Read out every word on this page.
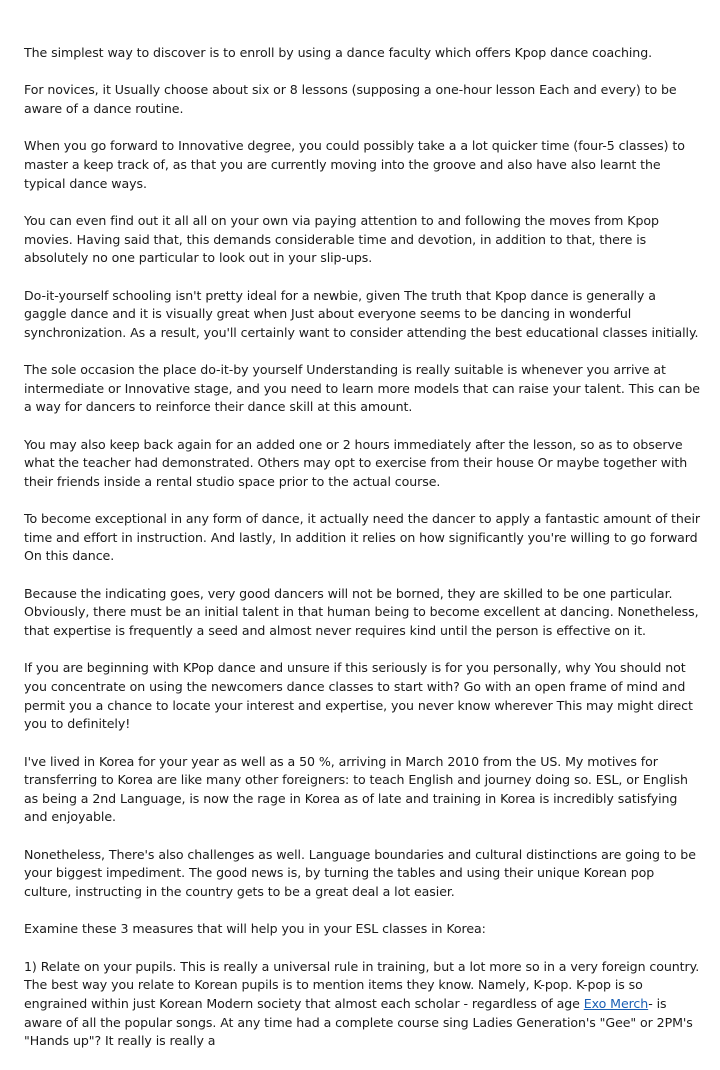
The simplest way to discover is to enroll by using a dance faculty which offers Kpop dance coaching.

For novices, it Usually choose about six or 8 lessons (supposing a one-hour lesson Each and every) to be aware of a dance routine.

When you go forward to Innovative degree, you could possibly take a a lot quicker time (four-5 classes) to master a keep track of, as that you are currently moving into the groove and also have also learnt the typical dance ways.

You can even find out it all all on your own via paying attention to and following the moves from Kpop movies. Having said that, this demands considerable time and devotion, in addition to that, there is absolutely no one particular to look out in your slip-ups.

Do-it-yourself schooling isn't pretty ideal for a newbie, given The truth that Kpop dance is generally a gaggle dance and it is visually great when Just about everyone seems to be dancing in wonderful synchronization. As a result, you'll certainly want to consider attending the best educational classes initially.

The sole occasion the place do-it-by yourself Understanding is really suitable is whenever you arrive at intermediate or Innovative stage, and you need to learn more models that can raise your talent. This can be a way for dancers to reinforce their dance skill at this amount.

You may also keep back again for an added one or 2 hours immediately after the lesson, so as to observe what the teacher had demonstrated. Others may opt to exercise from their house Or maybe together with their friends inside a rental studio space prior to the actual course.

To become exceptional in any form of dance, it actually need the dancer to apply a fantastic amount of their time and effort in instruction. And lastly, In addition it relies on how significantly you're willing to go forward On this dance.

Because the indicating goes, very good dancers will not be borned, they are skilled to be one particular. Obviously, there must be an initial talent in that human being to become excellent at dancing. Nonetheless, that expertise is frequently a seed and almost never requires kind until the person is effective on it.

If you are beginning with KPop dance and unsure if this seriously is for you personally, why You should not you concentrate on using the newcomers dance classes to start with? Go with an open frame of mind and permit you a chance to locate your interest and expertise, you never know wherever This may might direct you to definitely!

I've lived in Korea for your year as well as a 50 %, arriving in March 2010 from the US. My motives for transferring to Korea are like many other foreigners: to teach English and journey doing so. ESL, or English as being a 2nd Language, is now the rage in Korea as of late and training in Korea is incredibly satisfying and enjoyable.

Nonetheless, There's also challenges as well. Language boundaries and cultural distinctions are going to be your biggest impediment. The good news is, by turning the tables and using their unique Korean pop culture, instructing in the country gets to be a great deal a lot easier.

Examine these 3 measures that will help you in your ESL classes in Korea:

1) Relate on your pupils. This is really a universal rule in training, but a lot more so in a very foreign country. The best way you relate to Korean pupils is to mention items they know. Namely, K-pop. K-pop is so engrained within just Korean Modern society that almost each scholar - regardless of age Exo Merch- is aware of all the popular songs. At any time had a complete course sing Ladies Generation's "Gee" or 2PM's "Hands up"? It really is really a
